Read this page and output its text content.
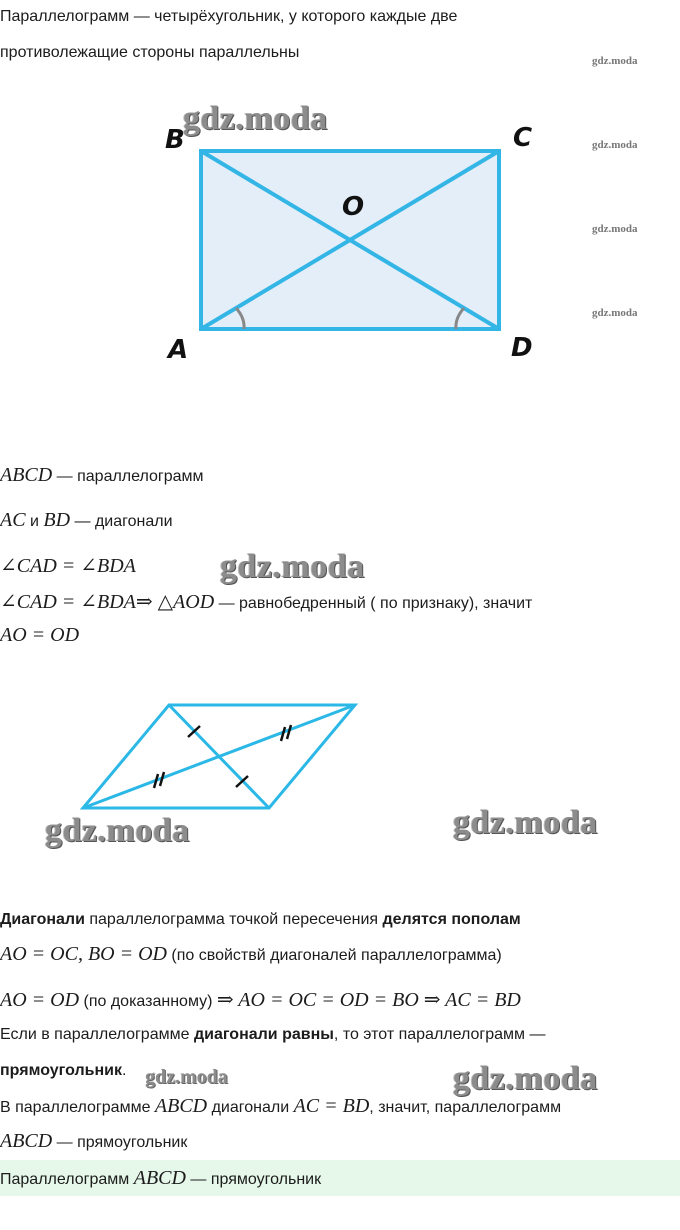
Параллелограмм — четырёхугольник, у которого каждые две
противолежащие стороны параллельны	gdz.moda
gdz.moda
gdz.moda
gdz.moda
B	C
O
A	D
gdz.moda
ABCD — параллелограмм
AC и BD — диагонали
∠CAD = ∠BDA gdz.moda
∠CAD = ∠BDA⇒ △AOD — равнобедренный ( по признаку), значит
AO = OD
gdz.moda	gdz.moda
Диагонали параллелограмма точкой пересечения делятся пополам
AO = OC, BO = OD (по свойствй диагоналей параллелограмма)
AO = OD (по доказанному) ⇒ AO = OC = OD = BO ⇒ AC = BD
Если в параллелограмме диагонали равны, то этот параллелограмм —
прямоугольник. gdz.moda	gdz.moda
В параллелограмме ABCD диагонали AC = BD, значит, параллелограмм
ABCD — прямоугольник
Параллелограмм ABCD — прямоугольник
